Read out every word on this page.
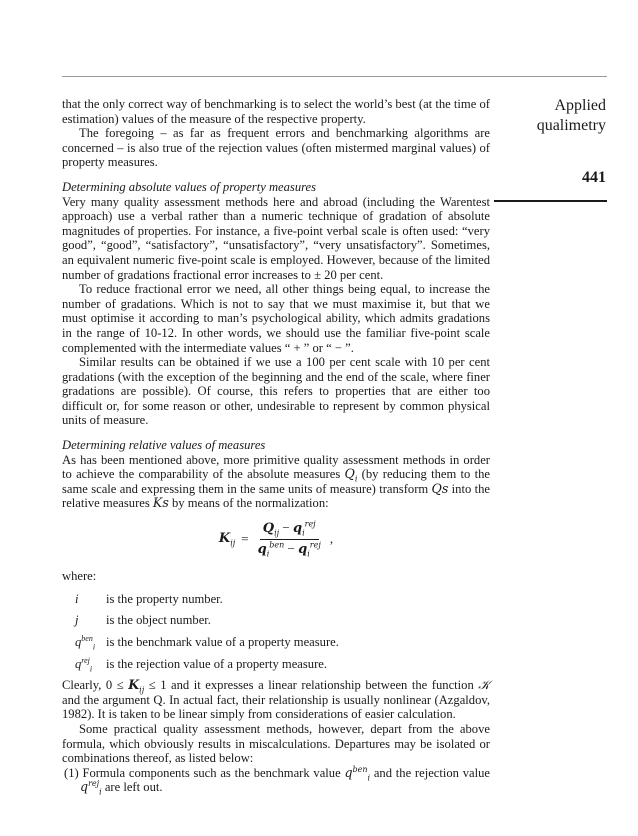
Applied qualimetry
441

that the only correct way of benchmarking is to select the world’s best (at the time of estimation) values of the measure of the respective property.

The foregoing – as far as frequent errors and benchmarking algorithms are concerned – is also true of the rejection values (often mistermed marginal values) of property measures.

Determining absolute values of property measures

Very many quality assessment methods here and abroad (including the Warentest approach) use a verbal rather than a numeric technique of gradation of absolute magnitudes of properties. For instance, a five-point verbal scale is often used: “very good”, “good”, “satisfactory”, “unsatisfactory”, “very unsatisfactory”. Sometimes, an equivalent numeric five-point scale is employed. However, because of the limited number of gradations fractional error increases to ± 20 per cent.

To reduce fractional error we need, all other things being equal, to increase the number of gradations. Which is not to say that we must maximise it, but that we must optimise it according to man’s psychological ability, which admits gradations in the range of 10-12. In other words, we should use the familiar five-point scale complemented with the intermediate values “ + ” or “ − ”.

Similar results can be obtained if we use a 100 per cent scale with 10 per cent gradations (with the exception of the beginning and the end of the scale, where finer gradations are possible). Of course, this refers to properties that are either too difficult or, for some reason or other, undesirable to represent by common physical units of measure.

Determining relative values of measures

As has been mentioned above, more primitive quality assessment methods in order to achieve the comparability of the absolute measures $Q_i$ (by reducing them to the same scale and expressing them in the same units of measure) transform Qs into the relative measures Ks by means of the normalization:

$K_{ij} = \frac{Q_{ij} - q_i^{rej}}{q_i^{ben} - q_i^{rej}}$ ,

where:

i	is the property number.
j	is the object number.
$q^{ben}_i$ is the benchmark value of a property measure.
$q^{rej}_i$	is the rejection value of a property measure.

Clearly, $0 \le K_{ij} \le 1$ and it expresses a linear relationship between the function 𝒦 and the argument Q. In actual fact, their relationship is usually nonlinear (Azgaldov, 1982). It is taken to be linear simply from considerations of easier calculation.

Some practical quality assessment methods, however, depart from the above formula, which obviously results in miscalculations. Departures may be isolated or combinations thereof, as listed below:

(1) Formula components such as the benchmark value $q^{ben}_i$ and the rejection value $q^{rej}_i$ are left out.
